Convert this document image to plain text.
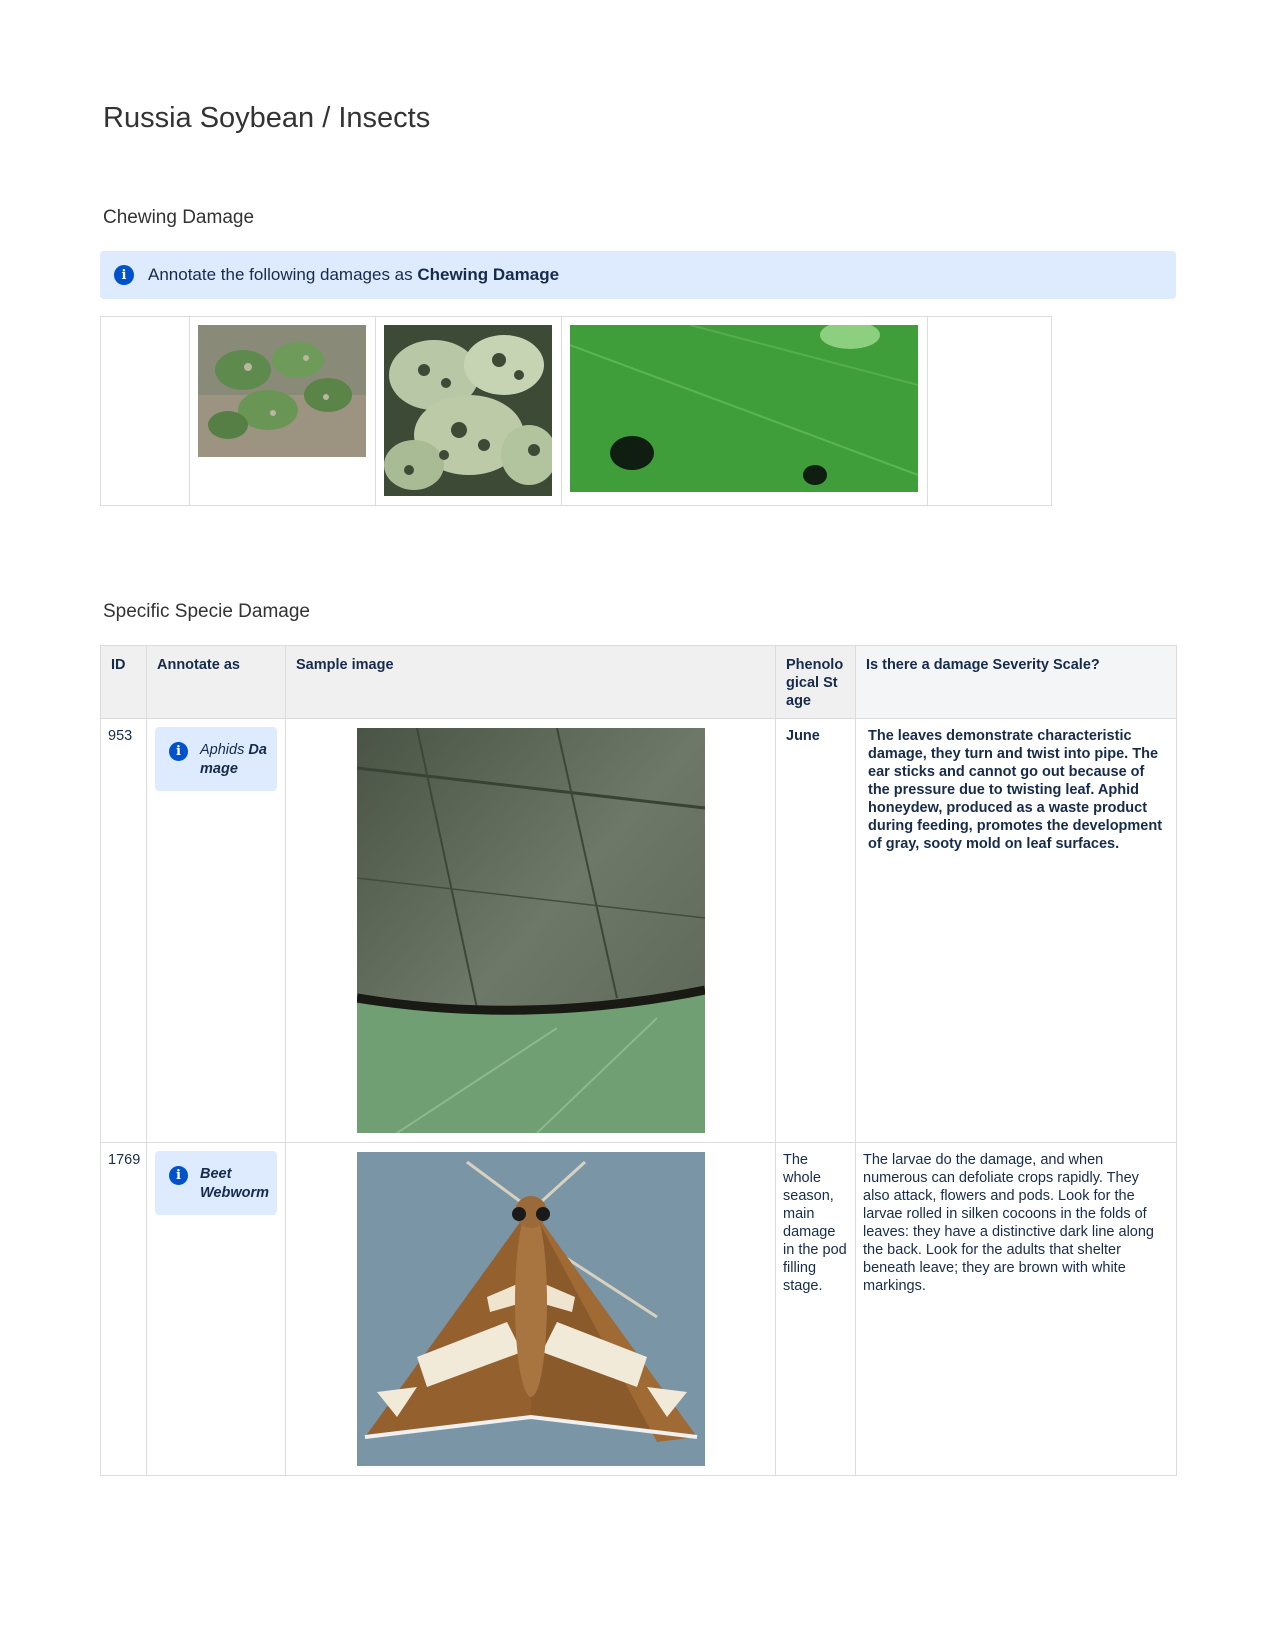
Russia Soybean / Insects
Chewing Damage
i	Annotate the following damages as Chewing Damage

Specific Specie Damage
ID	Annotate as	Sample image	Phenological Stage	Is there a damage Severity Scale?
953	i Aphids Damage		June	The leaves demonstrate characteristic damage, they turn and twist into pipe. The ear sticks and cannot go out because of the pressure due to twisting leaf. Aphid honeydew, produced as a waste product during feeding, promotes the development of gray, sooty mold on leaf surfaces.
1769	i Beet Webworm		The whole season, main damage in the pod filling stage.	The larvae do the damage, and when numerous can defoliate crops rapidly. They also attack, flowers and pods. Look for the larvae rolled in silken cocoons in the folds of leaves: they have a distinctive dark line along the back. Look for the adults that shelter beneath leave; they are brown with white markings.
